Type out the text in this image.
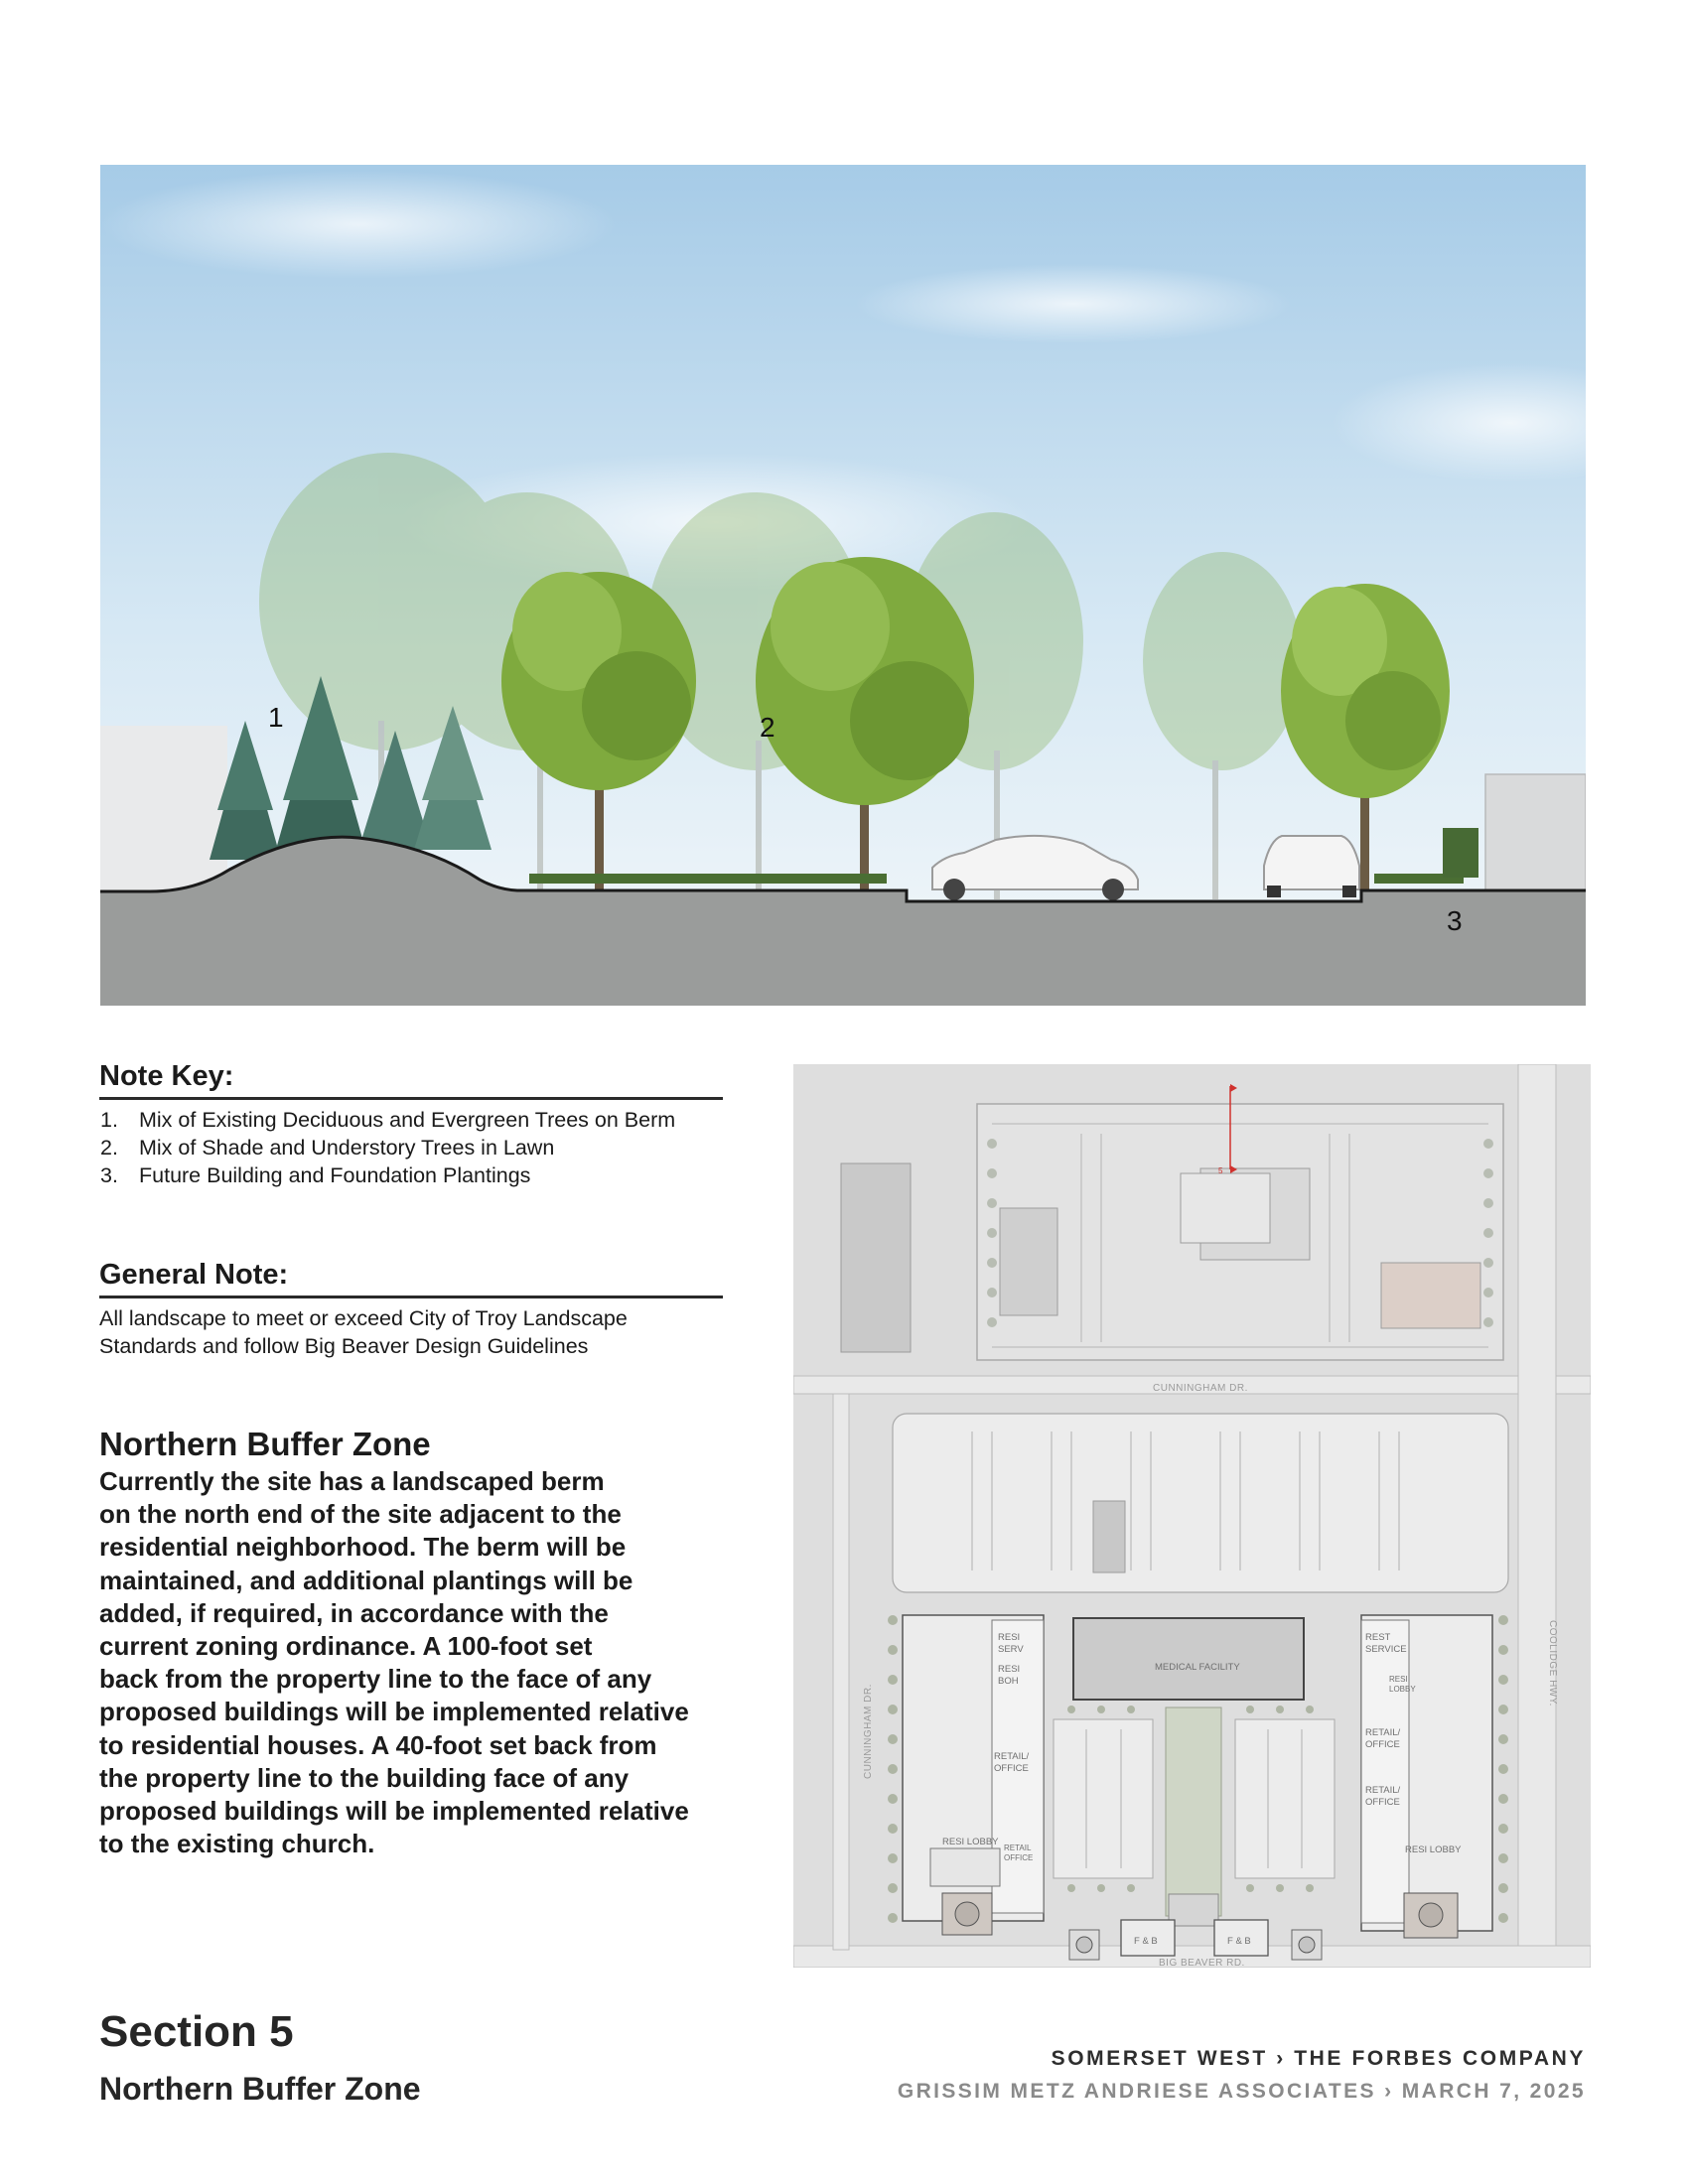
1	2
3
Note Key:
1. Mix of Existing Deciduous and Evergreen Trees on Berm
2. Mix of Shade and Understory Trees in Lawn
3. Future Building and Foundation Plantings
General Note:
All landscape to meet or exceed City of Troy Landscape
Standards and follow Big Beaver Design Guidelines
Northern Buffer Zone
Currently the site has a landscaped berm
on the north end of the site adjacent to the
residential neighborhood. The berm will be
maintained, and additional plantings will be
added, if required, in accordance with the
current zoning ordinance. A 100-foot set
back from the property line to the face of any
proposed buildings will be implemented relative
to residential houses. A 40-foot set back from
the property line to the building face of any
proposed buildings will be implemented relative
to the existing church.
5
CUNNINGHAM DR.
CUNNINGHAM DR.
COOLIDGE HWY.
BIG BEAVER RD.
RESI
SERV
RESI
BOH
RETAIL/
OFFICE
RESI LOBBY
RETAIL
OFFICE
MEDICAL FACILITY
REST
SERVICE
RESI
LOBBY
RETAIL/
OFFICE
RETAIL/
OFFICE
RESI LOBBY
F & B	F & B
Section 5
Northern Buffer Zone
SOMERSET WEST › THE FORBES COMPANY
GRISSIM METZ ANDRIESE ASSOCIATES › MARCH 7, 2025
